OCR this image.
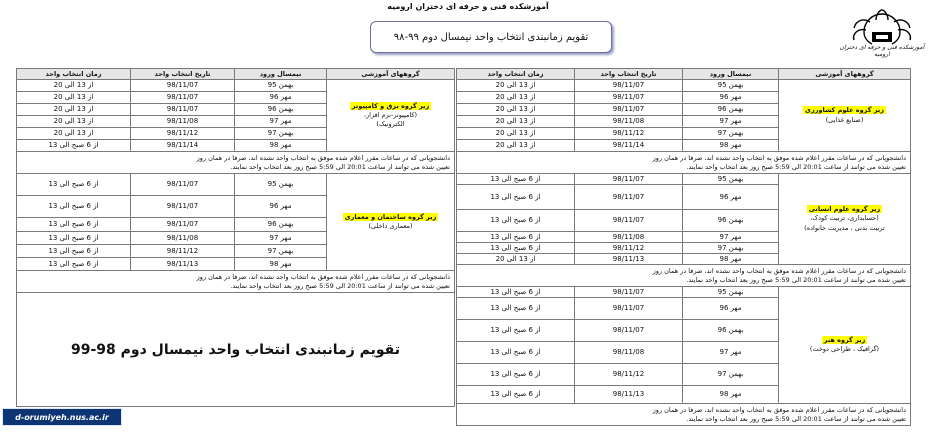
آموزشکده فنی و حرفه ای دختران ارومیه
تقویم زمانبندی انتخاب واحد نیمسال دوم ۹۹-۹۸
آموزشکده فنی و حرفه ای دختران ارومیه
گروههای آموزشی	نیمسال ورود	تاریخ انتخاب واحد	زمان انتخاب واحد
زیر گروه علوم کشاورزی
(صنایع غذایی)	بهمن 95	98/11/07	از 13 الی 20
	مهر 96	98/11/07	از 13 الی 20
	بهمن 96	98/11/07	از 13 الی 20
	مهر 97	98/11/08	از 13 الی 20
	بهمن 97	98/11/12	از 13 الی 20
	مهر 98	98/11/14	از 13 الی 20

دانشجویانی که در ساعات مقرر اعلام شده موفق به انتخاب واحد نشده اند، صرفا در همان روز
تعیین شده می توانند از ساعت 20:01 الی 5:59 صبح روز بعد انتخاب واحد نمایند.			

زیر گروه علوم انسانی
(حسابداری، تربیت کودک،
تربیت بدنی ، مدیریت خانواده)	بهمن 95	98/11/07	از 6 صبح الی 13
	مهر 96	98/11/07	از 6 صبح الی 13
	بهمن 96	98/11/07	از 6 صبح الی 13
	مهر 97	98/11/08	از 6 صبح الی 13
	بهمن 97	98/11/12	از 6 صبح الی 13
	مهر 98	98/11/13	از 13 الی 20

دانشجویانی که در ساعات مقرر اعلام شده موفق به انتخاب واحد نشده اند، صرفا در همان روز
تعیین شده می توانند از ساعت 20:01 الی 5:59 صبح روز بعد انتخاب واحد نمایند.			

زیر گروه هنر
(گرافیک ، طراحی دوخت)	بهمن 95	98/11/07	از 6 صبح الی 13
	مهر 96	98/11/07	از 6 صبح الی 13
	بهمن 96	98/11/07	از 6 صبح الی 13
	مهر 97	98/11/08	از 6 صبح الی 13
	بهمن 97	98/11/12	از 6 صبح الی 13
	مهر 98	98/11/13	از 6 صبح الی 13

دانشجویانی که در ساعات مقرر اعلام شده موفق به انتخاب واحد نشده اند، صرفا در همان روز
تعیین شده می توانند از ساعت 20:01 الی 5:59 صبح روز بعد انتخاب واحد نمایند.			
گروههای آموزشی	نیمسال ورود	تاریخ انتخاب واحد	زمان انتخاب واحد
زیر گروه برق و کامپیوتر
(کامپیوتر-نرم افزار،
الکترونیک)	بهمن 95	98/11/07	از 13 الی 20
	مهر 96	98/11/07	از 13 الی 20
	بهمن 96	98/11/07	از 13 الی 20
	مهر 97	98/11/08	از 13 الی 20
	بهمن 97	98/11/12	از 13 الی 20
	مهر 98	98/11/14	از 6 صبح الی 13

دانشجویانی که در ساعات مقرر اعلام شده موفق به انتخاب واحد نشده اند، صرفا در همان روز
تعیین شده می توانند از ساعت 20:01 الی 5:59 صبح روز بعد انتخاب واحد نمایند.			

زیر گروه ساختمان و معماری
(معماری داخلی)	بهمن 95	98/11/07	از 6 صبح الی 13
	مهر 96	98/11/07	از 6 صبح الی 13
	بهمن 96	98/11/07	از 6 صبح الی 13
	مهر 97	98/11/08	از 6 صبح الی 13
	بهمن 97	98/11/12	از 6 صبح الی 13
	مهر 98	98/11/13	از 6 صبح الی 13

دانشجویانی که در ساعات مقرر اعلام شده موفق به انتخاب واحد نشده اند، صرفا در همان روز
تعیین شده می توانند از ساعت 20:01 الی 5:59 صبح روز بعد انتخاب واحد نمایند.			

تقویم زمانبندی انتخاب واحد نیمسال دوم 98-99			
d-orumiyeh.nus.ac.ir
